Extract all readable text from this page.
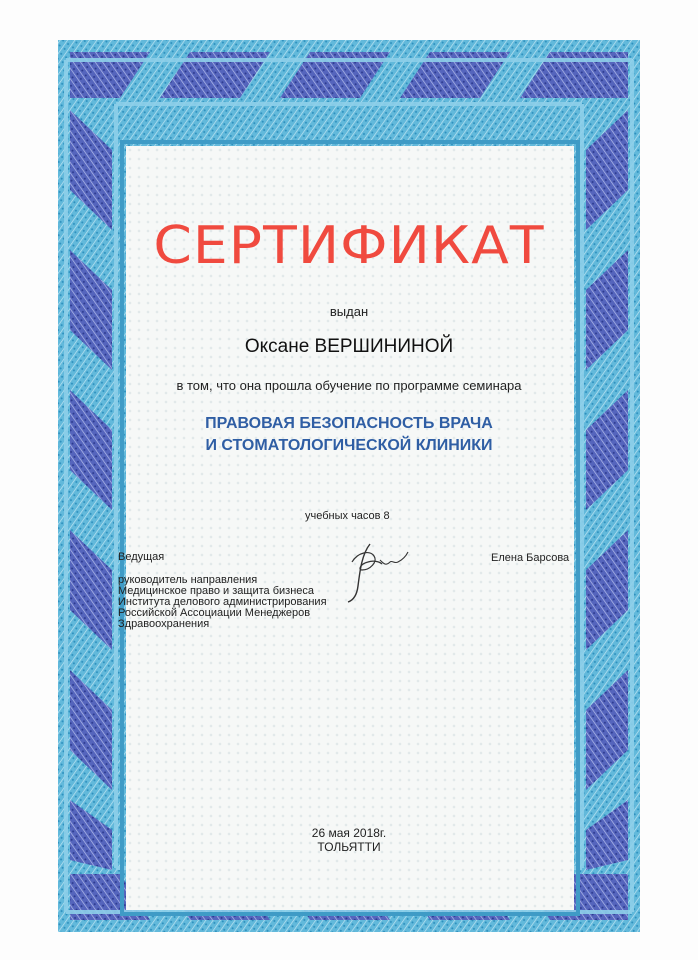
СЕРТИФИКАТ
выдан
Оксане ВЕРШИНИНОЙ
в том, что она прошла обучение по программе семинара
ПРАВОВАЯ БЕЗОПАСНОСТЬ ВРАЧА
И СТОМАТОЛОГИЧЕСКОЙ КЛИНИКИ
учебных часов 8
Ведущая
руководитель направления
Медицинское право и защита бизнеса
Института делового администрирования
Российской Ассоциации Менеджеров
Здравоохранения
Елена Барсова
26 мая 2018г.
ТОЛЬЯТТИ
